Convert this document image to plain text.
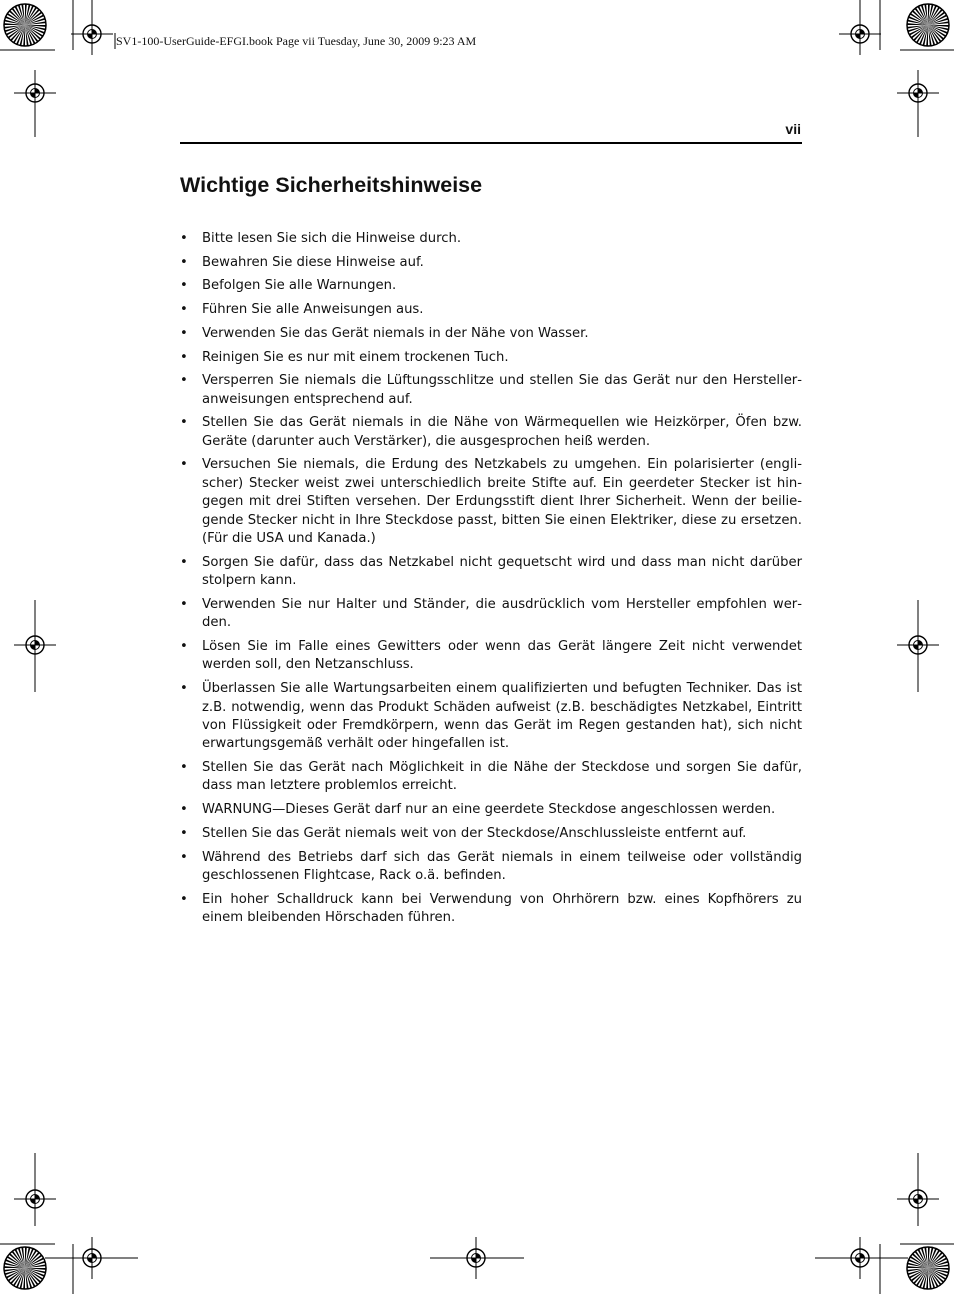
SV1-100-UserGuide-EFGI.book Page vii Tuesday, June 30, 2009 9:23 AM
vii
Wichtige Sicherheitshinweise
• Bitte lesen Sie sich die Hinweise durch.
• Bewahren Sie diese Hinweise auf.
• Befolgen Sie alle Warnungen.
• Führen Sie alle Anweisungen aus.
• Verwenden Sie das Gerät niemals in der Nähe von Wasser.
• Reinigen Sie es nur mit einem trockenen Tuch.
• Versperren Sie niemals die Lüftungsschlitze und stellen Sie das Gerät nur den Herstelleranweisungen entsprechend auf.
• Stellen Sie das Gerät niemals in die Nähe von Wärmequellen wie Heizkörper, Öfen bzw. Geräte (darunter auch Verstärker), die ausgesprochen heiß werden.
• Versuchen Sie niemals, die Erdung des Netzkabels zu umgehen. Ein polarisierter (englischer) Stecker weist zwei unterschiedlich breite Stifte auf. Ein geerdeter Stecker ist hingegen mit drei Stiften versehen. Der Erdungsstift dient Ihrer Sicherheit. Wenn der beiliegende Stecker nicht in Ihre Steckdose passt, bitten Sie einen Elektriker, diese zu ersetzen. (Für die USA und Kanada.)
• Sorgen Sie dafür, dass das Netzkabel nicht gequetscht wird und dass man nicht darüber stolpern kann.
• Verwenden Sie nur Halter und Ständer, die ausdrücklich vom Hersteller empfohlen werden.
• Lösen Sie im Falle eines Gewitters oder wenn das Gerät längere Zeit nicht verwendet werden soll, den Netzanschluss.
• Überlassen Sie alle Wartungsarbeiten einem qualifizierten und befugten Techniker. Das ist z.B. notwendig, wenn das Produkt Schäden aufweist (z.B. beschädigtes Netzkabel, Eintritt von Flüssigkeit oder Fremdkörpern, wenn das Gerät im Regen gestanden hat), sich nicht erwartungsgemäß verhält oder hingefallen ist.
• Stellen Sie das Gerät nach Möglichkeit in die Nähe der Steckdose und sorgen Sie dafür, dass man letztere problemlos erreicht.
• WARNUNG—Dieses Gerät darf nur an eine geerdete Steckdose angeschlossen werden.
• Stellen Sie das Gerät niemals weit von der Steckdose/Anschlussleiste entfernt auf.
• Während des Betriebs darf sich das Gerät niemals in einem teilweise oder vollständig geschlossenen Flightcase, Rack o.ä. befinden.
• Ein hoher Schalldruck kann bei Verwendung von Ohrhörern bzw. eines Kopfhörers zu einem bleibenden Hörschaden führen.
